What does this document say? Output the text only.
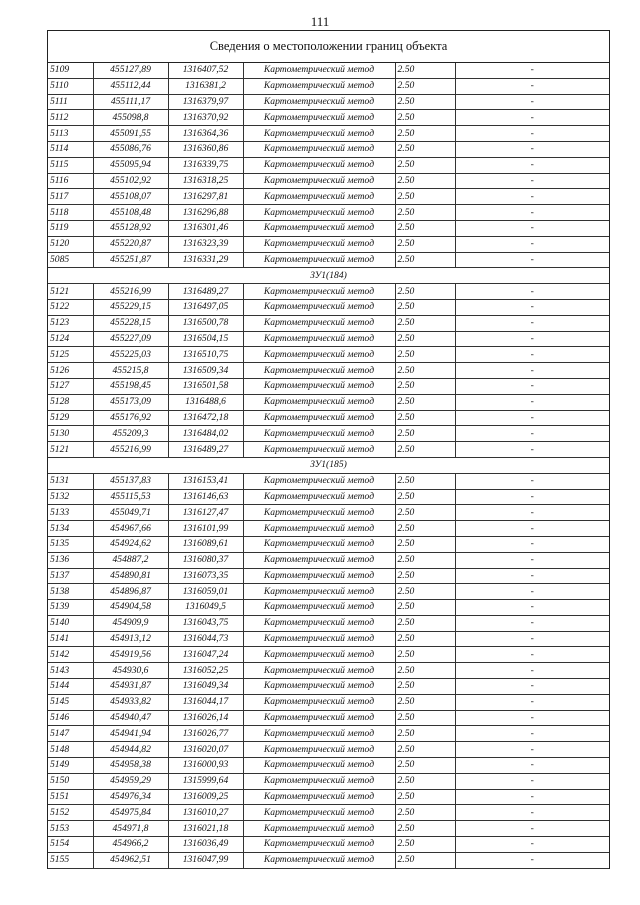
111
Сведения о местоположении границ объекта
5109	455127,89	1316407,52	Картометрический метод	2.50	-
5110	455112,44	1316381,2	Картометрический метод	2.50	-
5111	455111,17	1316379,97	Картометрический метод	2.50	-
5112	455098,8	1316370,92	Картометрический метод	2.50	-
5113	455091,55	1316364,36	Картометрический метод	2.50	-
5114	455086,76	1316360,86	Картометрический метод	2.50	-
5115	455095,94	1316339,75	Картометрический метод	2.50	-
5116	455102,92	1316318,25	Картометрический метод	2.50	-
5117	455108,07	1316297,81	Картометрический метод	2.50	-
5118	455108,48	1316296,88	Картометрический метод	2.50	-
5119	455128,92	1316301,46	Картометрический метод	2.50	-
5120	455220,87	1316323,39	Картометрический метод	2.50	-
5085	455251,87	1316331,29	Картометрический метод	2.50	-
ЗУ1(184)					
5121	455216,99	1316489,27	Картометрический метод	2.50	-
5122	455229,15	1316497,05	Картометрический метод	2.50	-
5123	455228,15	1316500,78	Картометрический метод	2.50	-
5124	455227,09	1316504,15	Картометрический метод	2.50	-
5125	455225,03	1316510,75	Картометрический метод	2.50	-
5126	455215,8	1316509,34	Картометрический метод	2.50	-
5127	455198,45	1316501,58	Картометрический метод	2.50	-
5128	455173,09	1316488,6	Картометрический метод	2.50	-
5129	455176,92	1316472,18	Картометрический метод	2.50	-
5130	455209,3	1316484,02	Картометрический метод	2.50	-
5121	455216,99	1316489,27	Картометрический метод	2.50	-
ЗУ1(185)					
5131	455137,83	1316153,41	Картометрический метод	2.50	-
5132	455115,53	1316146,63	Картометрический метод	2.50	-
5133	455049,71	1316127,47	Картометрический метод	2.50	-
5134	454967,66	1316101,99	Картометрический метод	2.50	-
5135	454924,62	1316089,61	Картометрический метод	2.50	-
5136	454887,2	1316080,37	Картометрический метод	2.50	-
5137	454890,81	1316073,35	Картометрический метод	2.50	-
5138	454896,87	1316059,01	Картометрический метод	2.50	-
5139	454904,58	1316049,5	Картометрический метод	2.50	-
5140	454909,9	1316043,75	Картометрический метод	2.50	-
5141	454913,12	1316044,73	Картометрический метод	2.50	-
5142	454919,56	1316047,24	Картометрический метод	2.50	-
5143	454930,6	1316052,25	Картометрический метод	2.50	-
5144	454931,87	1316049,34	Картометрический метод	2.50	-
5145	454933,82	1316044,17	Картометрический метод	2.50	-
5146	454940,47	1316026,14	Картометрический метод	2.50	-
5147	454941,94	1316026,77	Картометрический метод	2.50	-
5148	454944,82	1316020,07	Картометрический метод	2.50	-
5149	454958,38	1316000,93	Картометрический метод	2.50	-
5150	454959,29	1315999,64	Картометрический метод	2.50	-
5151	454976,34	1316009,25	Картометрический метод	2.50	-
5152	454975,84	1316010,27	Картометрический метод	2.50	-
5153	454971,8	1316021,18	Картометрический метод	2.50	-
5154	454966,2	1316036,49	Картометрический метод	2.50	-
5155	454962,51	1316047,99	Картометрический метод	2.50	-
